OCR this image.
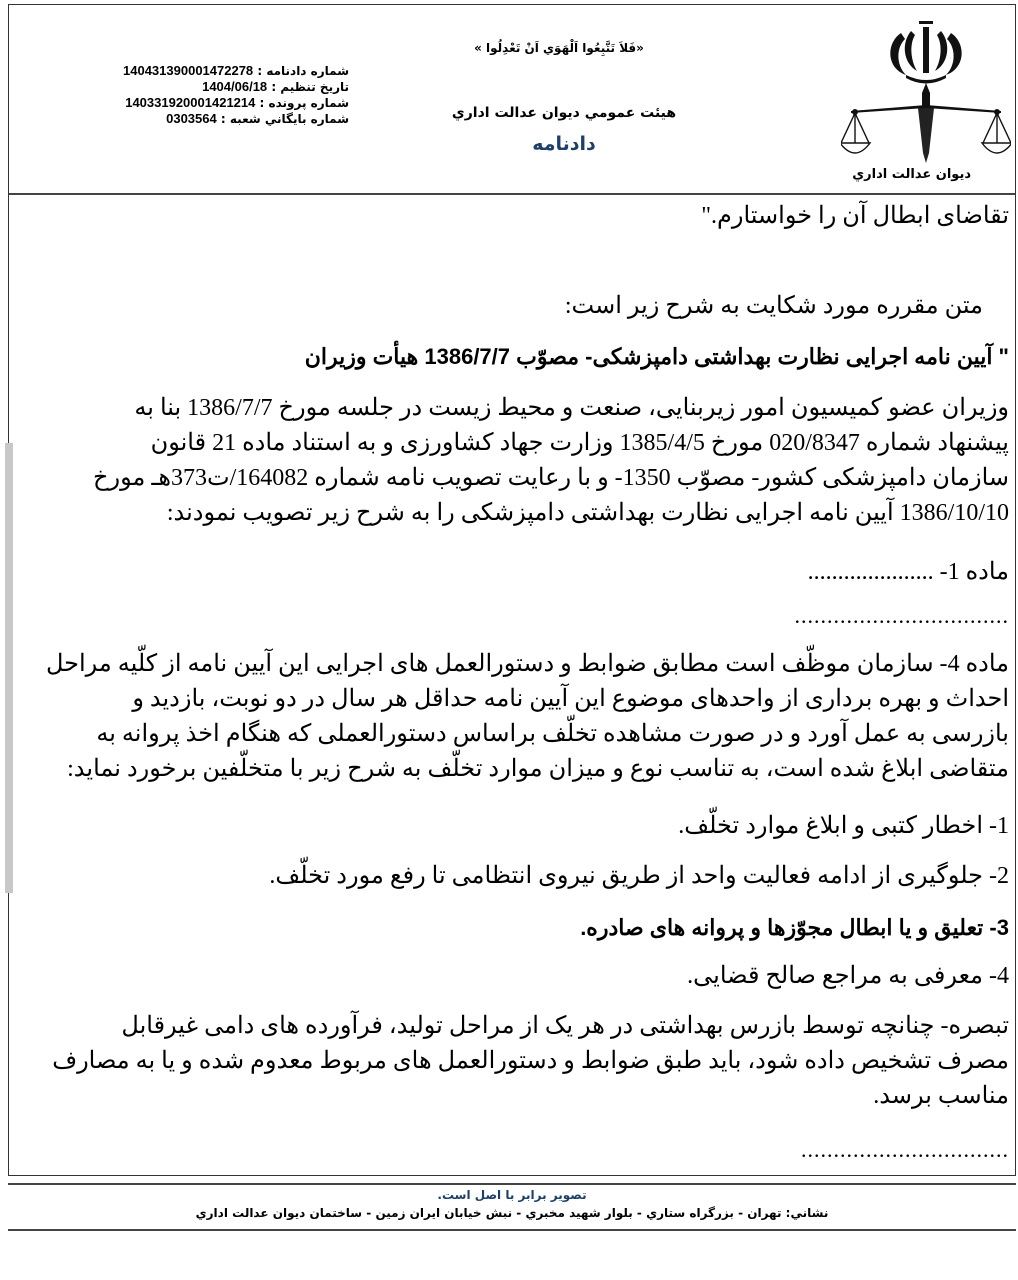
شماره دادنامه : 140431390001472278
تاريخ تنظيم : 1404/06/18
شماره پرونده : 140331920001421214
شماره بايگاني شعبه : 0303564
«فَلاَ تَتَّبِعُوا اَلْهَوَي اَنْ تَعْدِلُوا »
هيئت عمومي ديوان عدالت اداري
دادنامه
ديوان عدالت اداري
تقاضای ابطال آن را خواستارم."
متن مقرره مورد شکایت به شرح زیر است:
" آیین نامه اجرایی نظارت بهداشتی دامپزشکی- مصوّب 1386/7/7 هیأت وزیران
وزیران عضو کمیسیون امور زیربنایی، صنعت و محیط زیست در جلسه مورخ 1386/7/7 بنا به
پیشنهاد شماره 020/8347 مورخ 1385/4/5 وزارت جهاد کشاورزی و به استناد ماده 21 قانون
سازمان دامپزشکی کشور- مصوّب 1350- و با رعایت تصویب نامه شماره 164082/ت373هـ مورخ
1386/10/10 آیین نامه اجرایی نظارت بهداشتی دامپزشکی را به شرح زیر تصویب نمودند:
ماده 1- .....................
.................................
ماده 4- سازمان موظّف است مطابق ضوابط و دستورالعمل های اجرایی این آیین نامه از کلّیه مراحل
احداث و بهره برداری از واحدهای موضوع این آیین نامه حداقل هر سال در دو نوبت، بازدید و
بازرسی به عمل آورد و در صورت مشاهده تخلّف براساس دستورالعملی که هنگام اخذ پروانه به
متقاضی ابلاغ شده است، به تناسب نوع و میزان موارد تخلّف به شرح زیر با متخلّفین برخورد نماید:
1- اخطار کتبی و ابلاغ موارد تخلّف.
2- جلوگیری از ادامه فعالیت واحد از طریق نیروی انتظامی تا رفع مورد تخلّف.
3- تعلیق و یا ابطال مجوّزها و پروانه های صادره.
4- معرفی به مراجع صالح قضایی.
تبصره- چنانچه توسط بازرس بهداشتی در هر یک از مراحل تولید، فرآورده های دامی غیرقابل
مصرف تشخیص داده شود، باید طبق ضوابط و دستورالعمل های مربوط معدوم شده و یا به مصارف
مناسب برسد.
................................
تصوير برابر با اصل است.
نشاني: تهران - بزرگراه ستاري - بلوار شهيد مخبري - نبش خيابان ايران زمين - ساختمان ديوان عدالت اداري
